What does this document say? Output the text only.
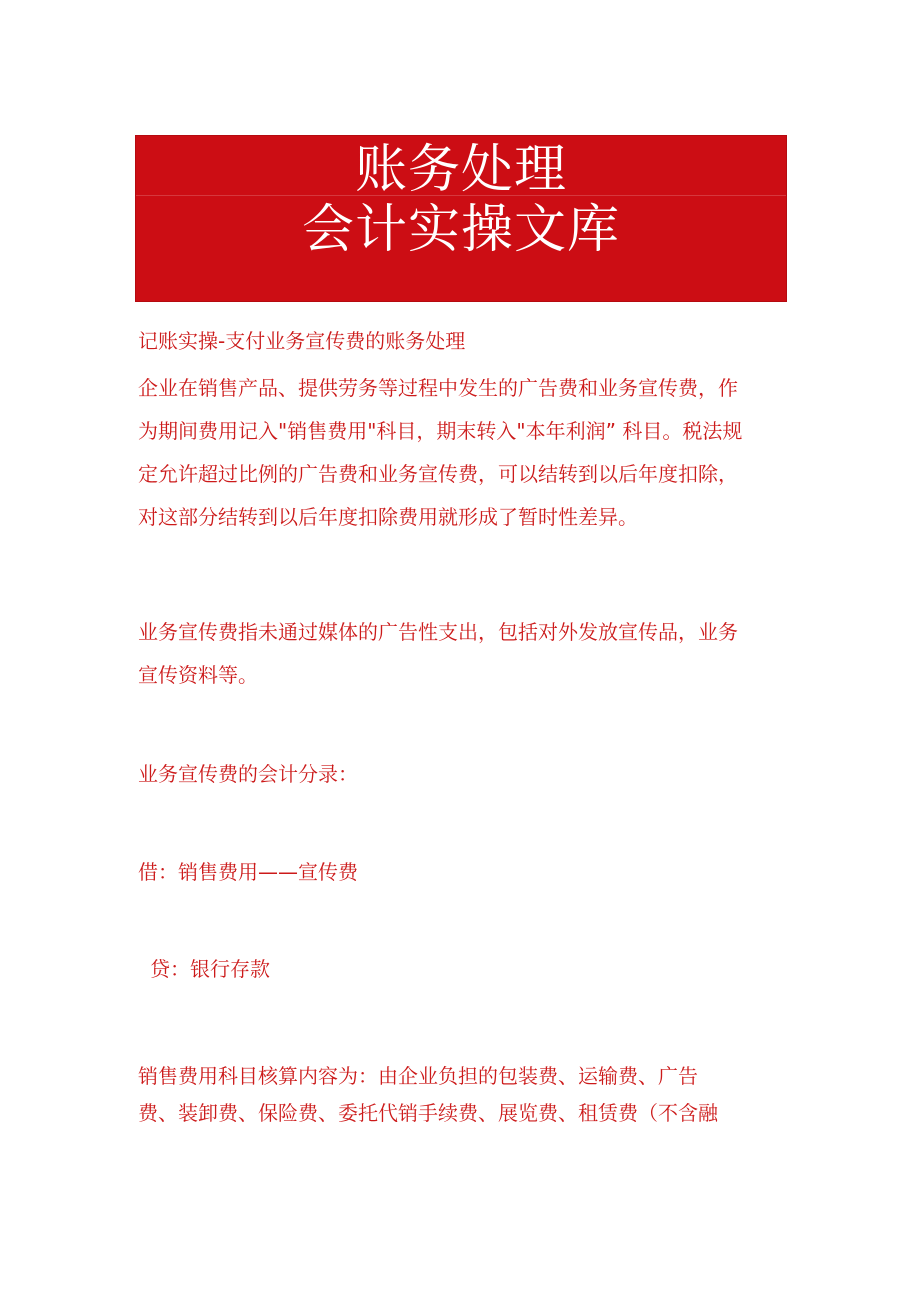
账务处理
会计实操文库

记账实操-支付业务宣传费的账务处理

企业在销售产品、提供劳务等过程中发生的广告费和业务宣传费，作
为期间费用记入"销售费用"科目，期末转入"本年利润” 科目。税法规
定允许超过比例的广告费和业务宣传费，可以结转到以后年度扣除，
对这部分结转到以后年度扣除费用就形成了暂时性差异。

业务宣传费指未通过媒体的广告性支出，包括对外发放宣传品，业务
宣传资料等。

业务宣传费的会计分录：

借：销售费用——宣传费

贷：银行存款

销售费用科目核算内容为：由企业负担的包装费、运输费、广告
费、装卸费、保险费、委托代销手续费、展览费、租赁费（不含融
